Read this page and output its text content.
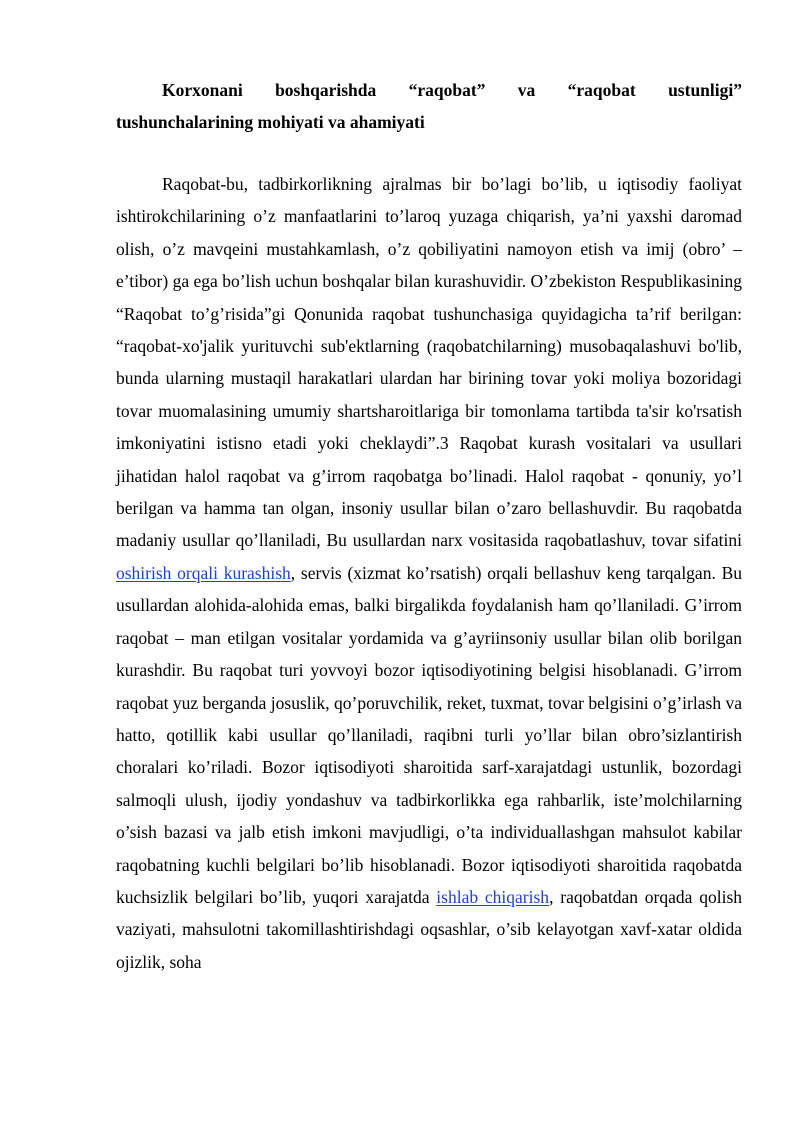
Korxonani boshqarishda “raqobat” va “raqobat ustunligi” tushunchalarining mohiyati va ahamiyati

Raqobat-bu, tadbirkorlikning ajralmas bir bo’lagi bo’lib, u iqtisodiy faoliyat ishtirokchilarining o’z manfaatlarini to’laroq yuzaga chiqarish, ya’ni yaxshi daromad olish, o’z mavqeini mustahkamlash, o’z qobiliyatini namoyon etish va imij (obro’ – e’tibor) ga ega bo’lish uchun boshqalar bilan kurashuvidir. O’zbekiston Respublikasining “Raqobat to’g’risida”gi Qonunida raqobat tushunchasiga quyidagicha ta’rif berilgan: “raqobat-xo'jalik yurituvchi sub'ektlarning (raqobatchilarning) musobaqalashuvi bo'lib, bunda ularning mustaqil harakatlari ulardan har birining tovar yoki moliya bozoridagi tovar muomalasining umumiy shartsharoitlariga bir tomonlama tartibda ta'sir ko'rsatish imkoniyatini istisno etadi yoki cheklaydi”.3 Raqobat kurash vositalari va usullari jihatidan halol raqobat va g’irrom raqobatga bo’linadi. Halol raqobat - qonuniy, yo’l berilgan va hamma tan olgan, insoniy usullar bilan o’zaro bellashuvdir. Bu raqobatda madaniy usullar qo’llaniladi, Bu usullardan narx vositasida raqobatlashuv, tovar sifatini oshirish orqali kurashish, servis (xizmat ko’rsatish) orqali bellashuv keng tarqalgan. Bu usullardan alohida-alohida emas, balki birgalikda foydalanish ham qo’llaniladi. G’irrom raqobat – man etilgan vositalar yordamida va g’ayriinsoniy usullar bilan olib borilgan kurashdir. Bu raqobat turi yovvoyi bozor iqtisodiyotining belgisi hisoblanadi. G’irrom raqobat yuz berganda josuslik, qo’poruvchilik, reket, tuxmat, tovar belgisini o’g’irlash va hatto, qotillik kabi usullar qo’llaniladi, raqibni turli yo’llar bilan obro’sizlantirish choralari ko’riladi. Bozor iqtisodiyoti sharoitida sarf-xarajatdagi ustunlik, bozordagi salmoqli ulush, ijodiy yondashuv va tadbirkorlikka ega rahbarlik, iste’molchilarning o’sish bazasi va jalb etish imkoni mavjudligi, o’ta individuallashgan mahsulot kabilar raqobatning kuchli belgilari bo’lib hisoblanadi. Bozor iqtisodiyoti sharoitida raqobatda kuchsizlik belgilari bo’lib, yuqori xarajatda ishlab chiqarish, raqobatdan orqada qolish vaziyati, mahsulotni takomillashtirishdagi oqsashlar, o’sib kelayotgan xavf-xatar oldida ojizlik, soha
